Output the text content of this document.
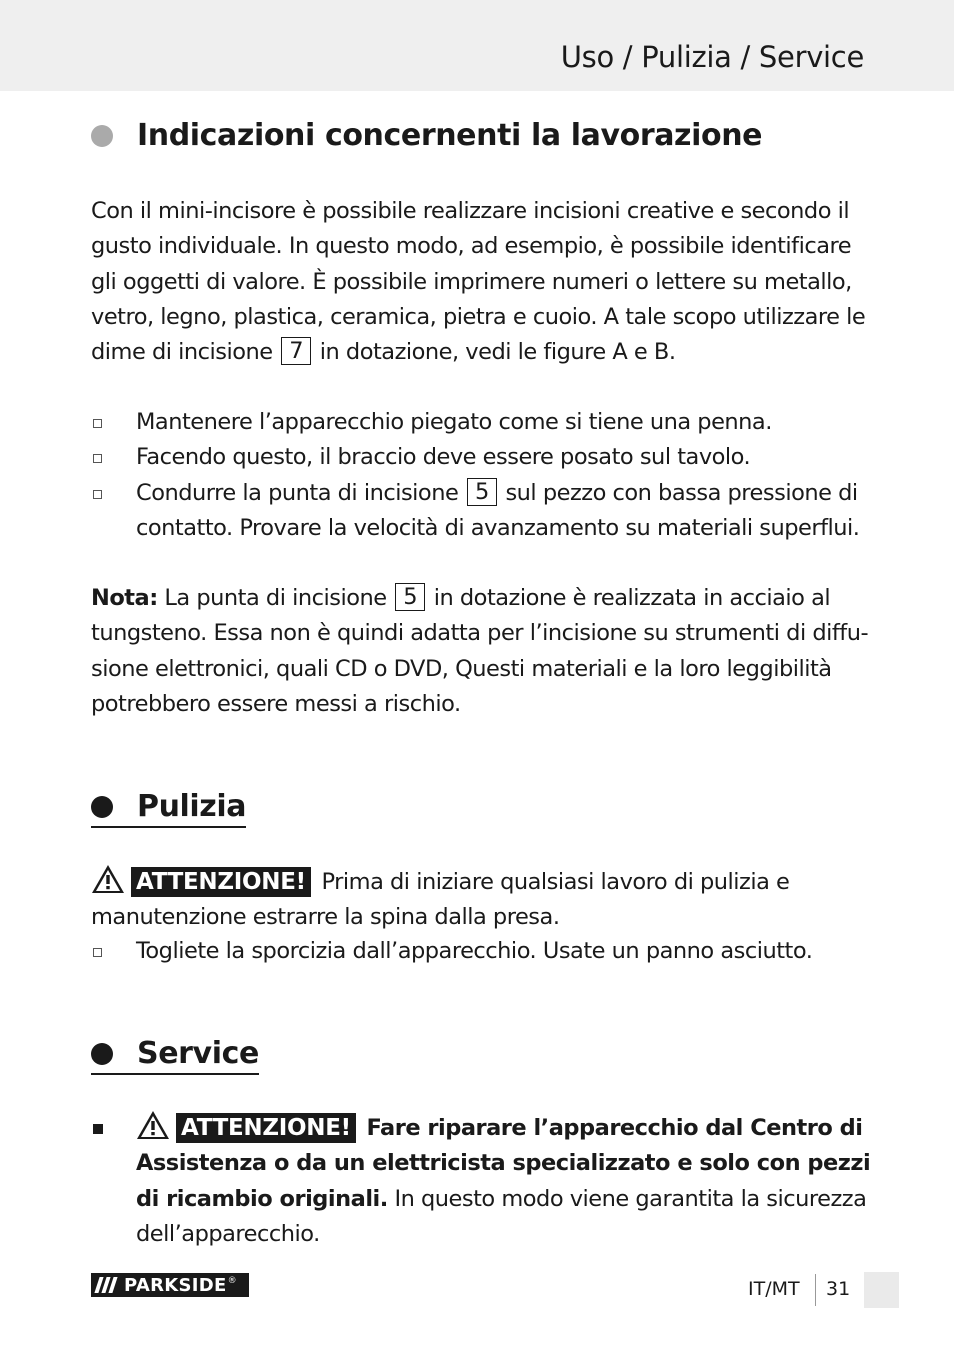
Uso / Pulizia / Service
Indicazioni concernenti la lavorazione
Con il mini-incisore è possibile realizzare incisioni creative e secondo il gusto individuale. In questo modo, ad esempio, è possibile identificare gli oggetti di valore. È possibile imprimere numeri o lettere su metallo, vetro, legno, plastica, ceramica, pietra e cuoio. A tale scopo utilizzare le dime di incisione 7 in dotazione, vedi le figure A e B.
Mantenere l’apparecchio piegato come si tiene una penna.
Facendo questo, il braccio deve essere posato sul tavolo.
Condurre la punta di incisione 5 sul pezzo con bassa pressione di contatto. Provare la velocità di avanzamento su materiali superflui.
Nota: La punta di incisione 5 in dotazione è realizzata in acciaio al tungsteno. Essa non è quindi adatta per l’incisione su strumenti di diffu-sione elettronici, quali CD o DVD, Questi materiali e la loro leggibilità potrebbero essere messi a rischio.
Pulizia
ATTENZIONE! Prima di iniziare qualsiasi lavoro di pulizia e manutenzione estrarre la spina dalla presa.
Togliete la sporcizia dall’apparecchio. Usate un panno asciutto.
Service
ATTENZIONE! Fare riparare l’apparecchio dal Centro di Assistenza o da un elettricista specializzato e solo con pezzi di ricambio originali. In questo modo viene garantita la sicurezza dell’apparecchio.
PARKSIDE ®	IT/MT 31
